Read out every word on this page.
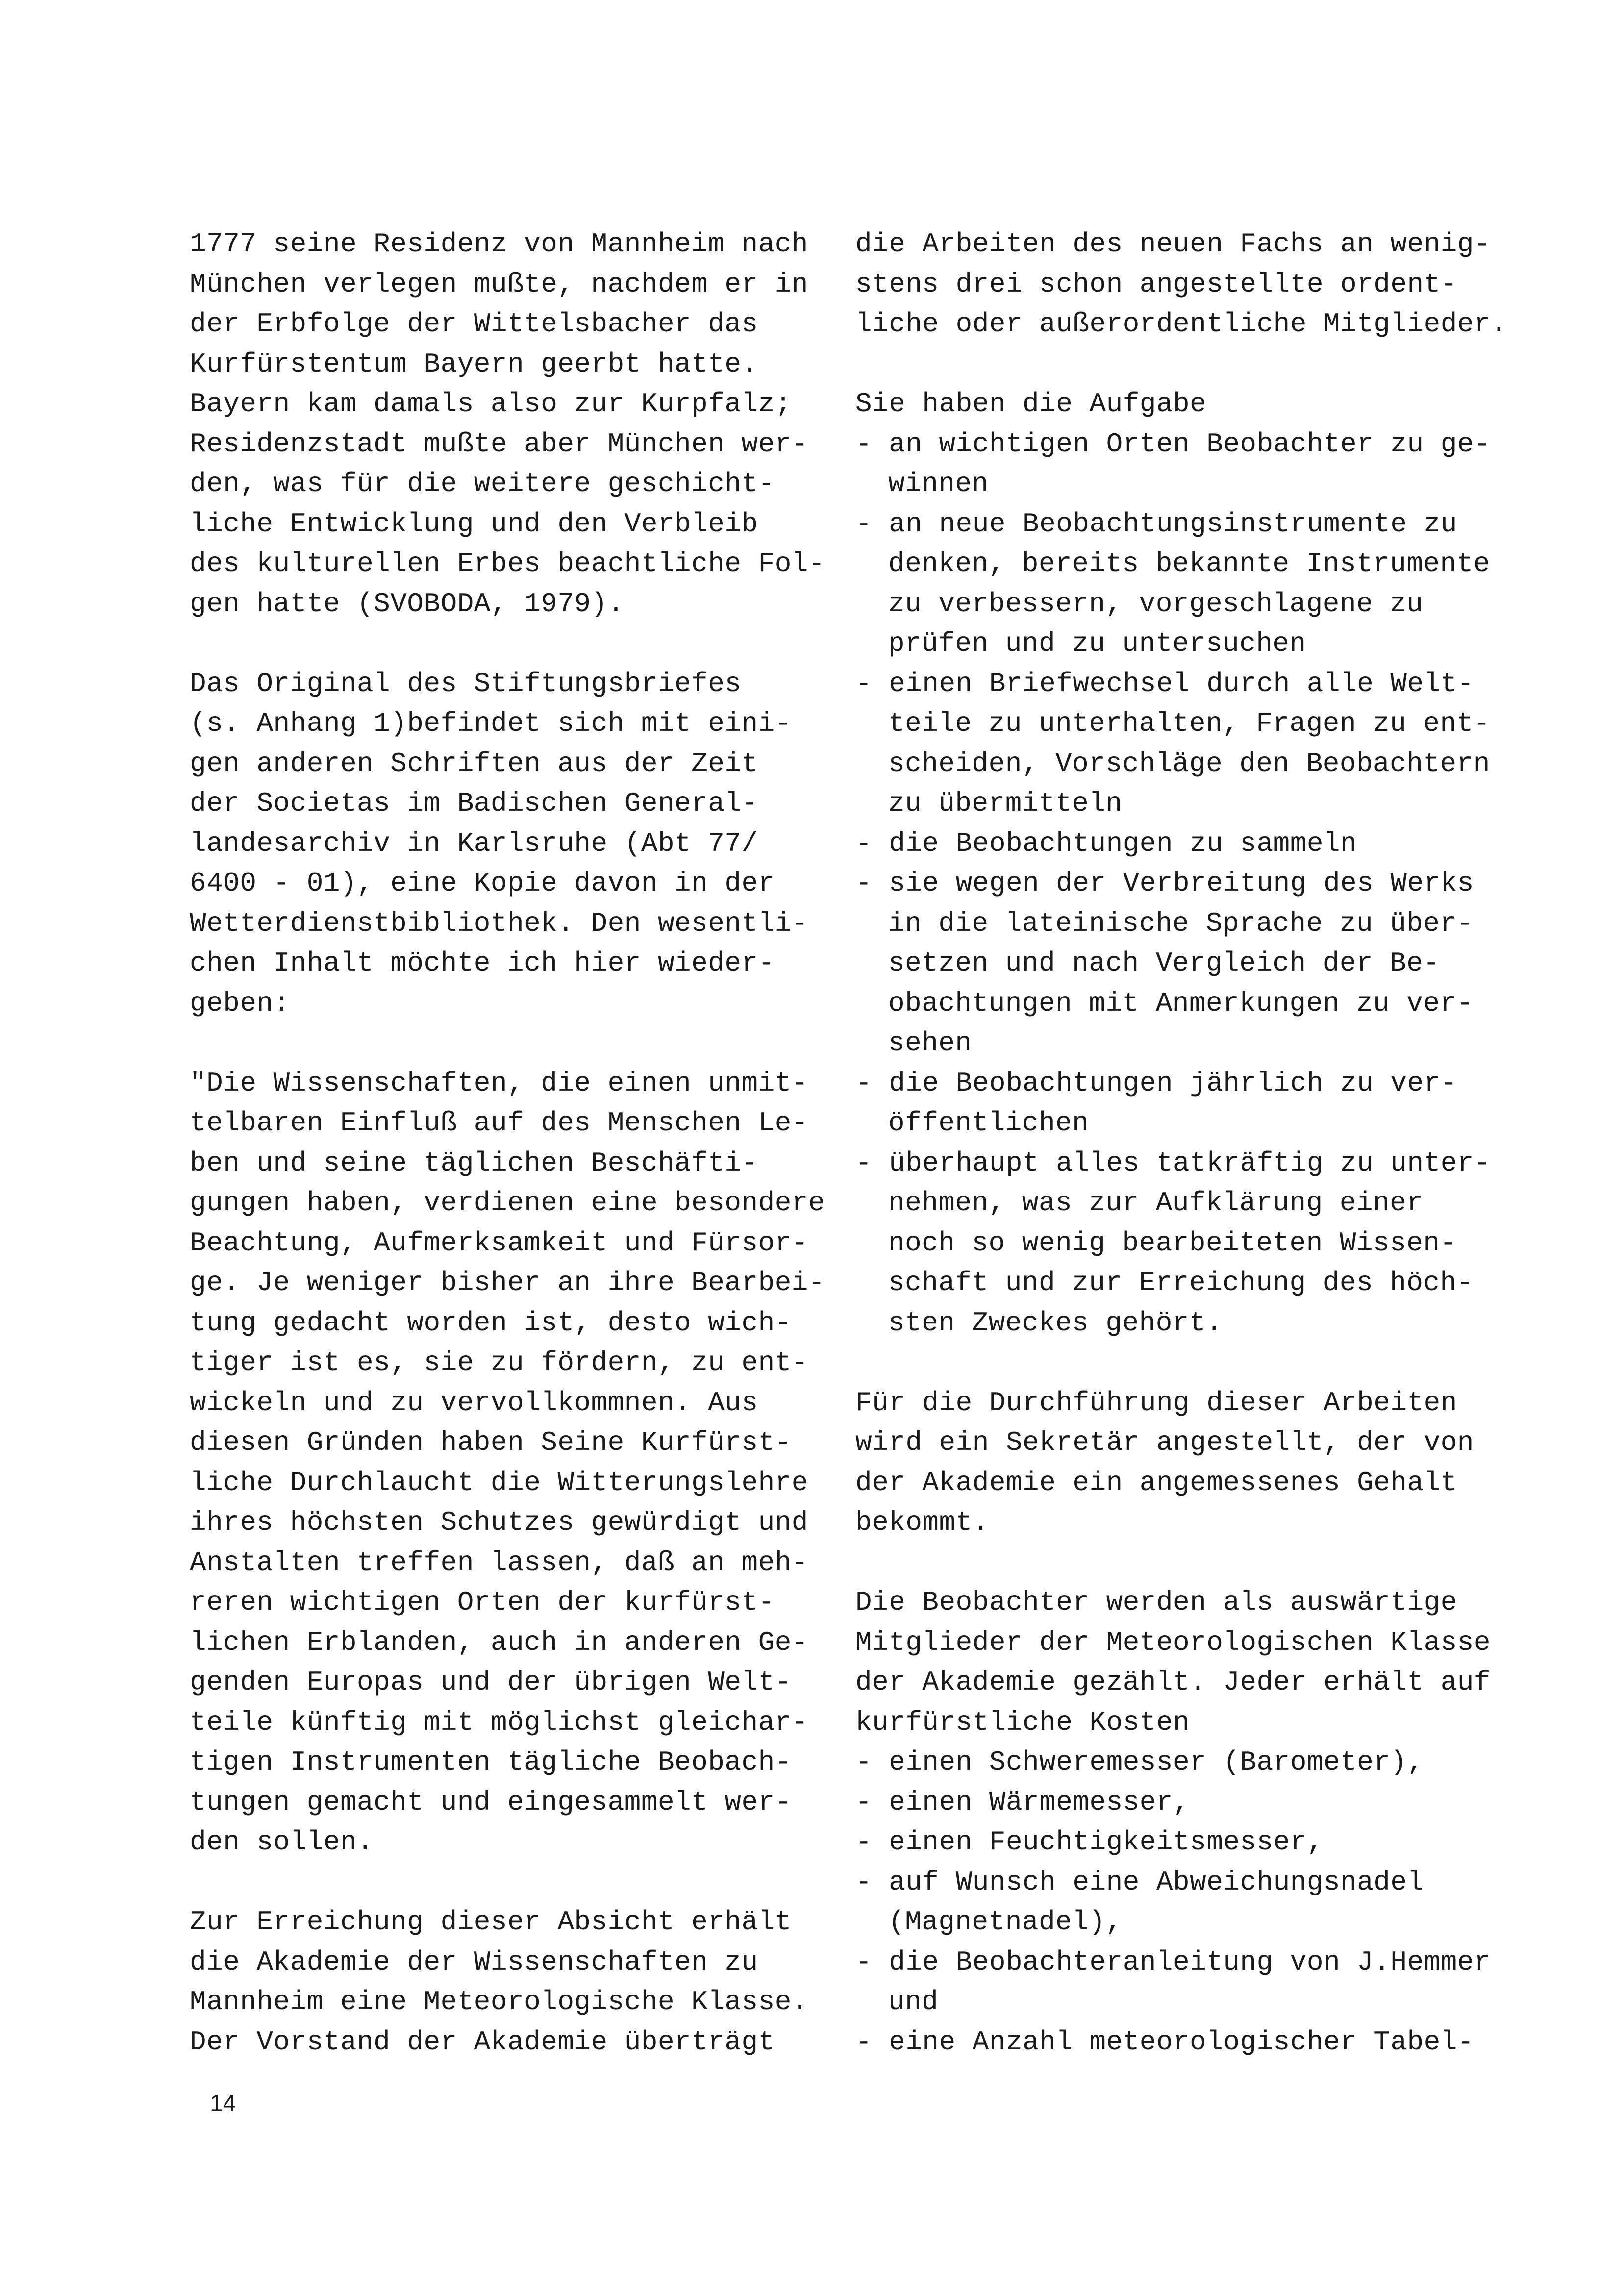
1777 seine Residenz von Mannheim nach
München verlegen mußte, nachdem er in
der Erbfolge der Wittelsbacher das
Kurfürstentum Bayern geerbt hatte.
Bayern kam damals also zur Kurpfalz;
Residenzstadt mußte aber München wer-
den, was für die weitere geschicht-
liche Entwicklung und den Verbleib
des kulturellen Erbes beachtliche Fol-
gen hatte (SVOBODA, 1979).
Das Original des Stiftungsbriefes
(s. Anhang 1)befindet sich mit eini-
gen anderen Schriften aus der Zeit
der Societas im Badischen General-
landesarchiv in Karlsruhe (Abt 77/
6400 - 01), eine Kopie davon in der
Wetterdienstbibliothek. Den wesentli-
chen Inhalt möchte ich hier wieder-
geben:
"Die Wissenschaften, die einen unmit-
telbaren Einfluß auf des Menschen Le-
ben und seine täglichen Beschäfti-
gungen haben, verdienen eine besondere
Beachtung, Aufmerksamkeit und Fürsor-
ge. Je weniger bisher an ihre Bearbei-
tung gedacht worden ist, desto wich-
tiger ist es, sie zu fördern, zu ent-
wickeln und zu vervollkommnen. Aus
diesen Gründen haben Seine Kurfürst-
liche Durchlaucht die Witterungslehre
ihres höchsten Schutzes gewürdigt und
Anstalten treffen lassen, daß an meh-
reren wichtigen Orten der kurfürst-
lichen Erblanden, auch in anderen Ge-
genden Europas und der übrigen Welt-
teile künftig mit möglichst gleichar-
tigen Instrumenten tägliche Beobach-
tungen gemacht und eingesammelt wer-
den sollen.
Zur Erreichung dieser Absicht erhält
die Akademie der Wissenschaften zu
Mannheim eine Meteorologische Klasse.
Der Vorstand der Akademie überträgt
die Arbeiten des neuen Fachs an wenig-
stens drei schon angestellte ordent-
liche oder außerordentliche Mitglieder.
Sie haben die Aufgabe
- an wichtigen Orten Beobachter zu ge-
winnen
- an neue Beobachtungsinstrumente zu
denken, bereits bekannte Instrumente
zu verbessern, vorgeschlagene zu
prüfen und zu untersuchen
- einen Briefwechsel durch alle Welt-
teile zu unterhalten, Fragen zu ent-
scheiden, Vorschläge den Beobachtern
zu übermitteln
- die Beobachtungen zu sammeln
- sie wegen der Verbreitung des Werks
in die lateinische Sprache zu über-
setzen und nach Vergleich der Be-
obachtungen mit Anmerkungen zu ver-
sehen
- die Beobachtungen jährlich zu ver-
öffentlichen
- überhaupt alles tatkräftig zu unter-
nehmen, was zur Aufklärung einer
noch so wenig bearbeiteten Wissen-
schaft und zur Erreichung des höch-
sten Zweckes gehört.
Für die Durchführung dieser Arbeiten
wird ein Sekretär angestellt, der von
der Akademie ein angemessenes Gehalt
bekommt.
Die Beobachter werden als auswärtige
Mitglieder der Meteorologischen Klasse
der Akademie gezählt. Jeder erhält auf
kurfürstliche Kosten
- einen Schweremesser (Barometer),
- einen Wärmemesser,
- einen Feuchtigkeitsmesser,
- auf Wunsch eine Abweichungsnadel
(Magnetnadel),
- die Beobachteranleitung von J.Hemmer
und
- eine Anzahl meteorologischer Tabel-
14
